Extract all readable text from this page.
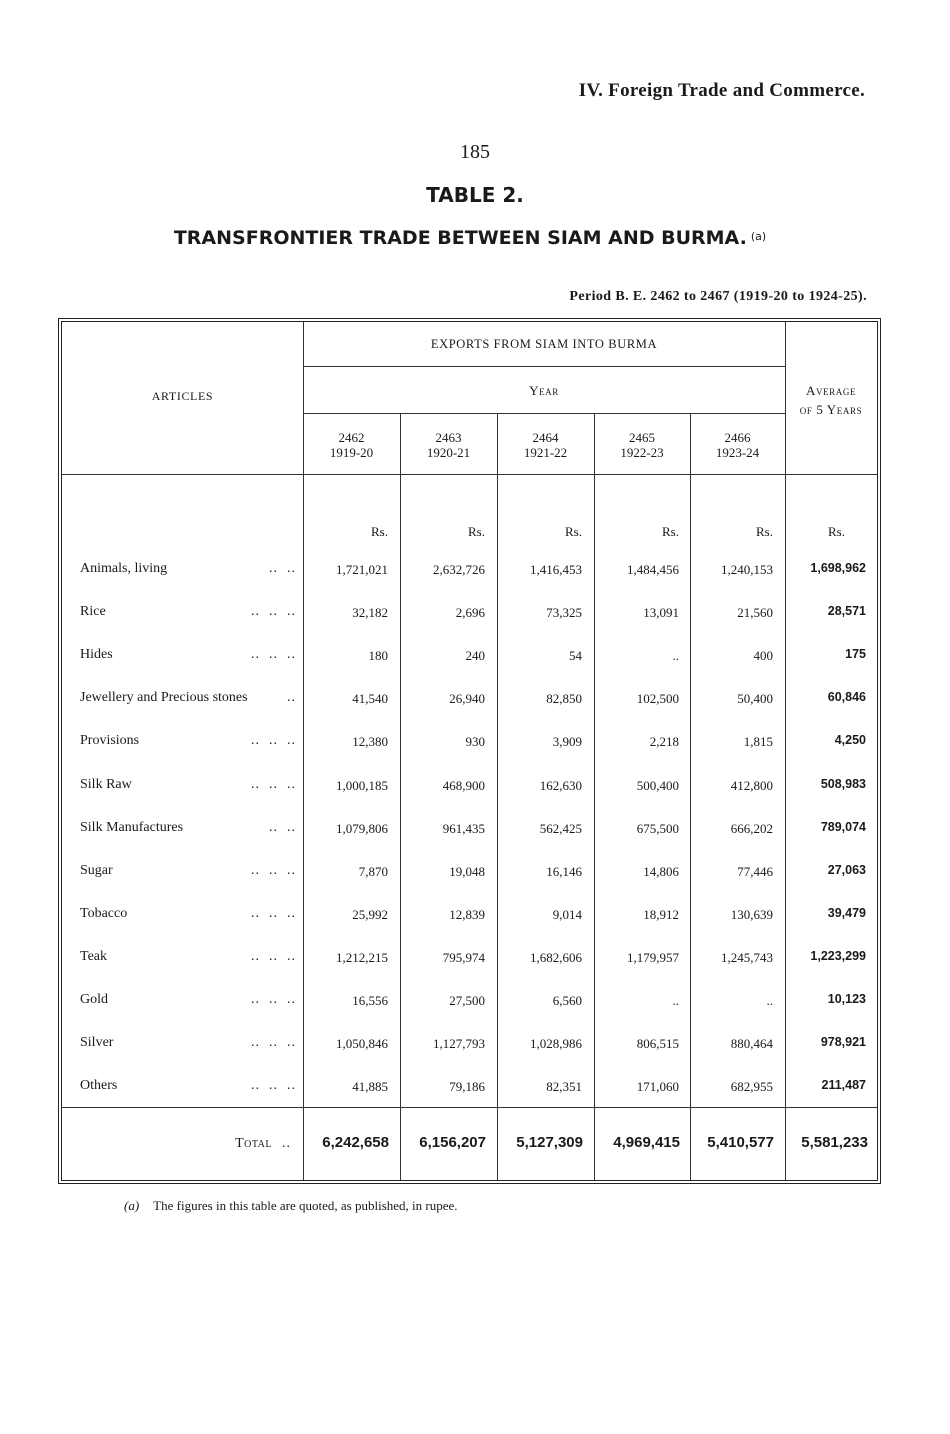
IV. Foreign Trade and Commerce.
185
TABLE 2.
TRANSFRONTIER TRADE BETWEEN SIAM AND BURMA. $^{(a)}$
Period B. E. 2462 to 2467 (1919-20 to 1924-25).
ARTICLES
EXPORTS FROM SIAM INTO BURMA
Year	Average
of 5 Years
2462
1919-20
2463
1920-21
2464
1921-22
2465
1922-23
2466
1923-24
Rs.	Rs.	Rs.	Rs.	Rs.	Rs.
Animals, living	..  ..	1,721,021	2,632,726	1,416,453	1,484,456	1,240,153	1,698,962
Rice	..  ..  ..	32,182	2,696	73,325	13,091	21,560	28,571
Hides	..  ..  ..	180	240	54	..	400	175
Jewellery and Precious stones	..	41,540	26,940	82,850	102,500	50,400	60,846
Provisions	..  ..  ..	12,380	930	3,909	2,218	1,815	4,250
Silk Raw	..  ..  ..	1,000,185	468,900	162,630	500,400	412,800	508,983
Silk Manufactures	..  ..	1,079,806	961,435	562,425	675,500	666,202	789,074
Sugar	..  ..  ..	7,870	19,048	16,146	14,806	77,446	27,063
Tobacco	..  ..  ..	25,992	12,839	9,014	18,912	130,639	39,479
Teak	..  ..  ..	1,212,215	795,974	1,682,606	1,179,957	1,245,743	1,223,299
Gold	..  ..  ..	16,556	27,500	6,560	..	..	10,123
Silver	..  ..  ..	1,050,846	1,127,793	1,028,986	806,515	880,464	978,921
Others	..  ..  ..	41,885	79,186	82,351	171,060	682,955	211,487
Total ..	6,242,658	6,156,207	5,127,309	4,969,415	5,410,577	5,581,233
(a) The figures in this table are quoted, as published, in rupee.
